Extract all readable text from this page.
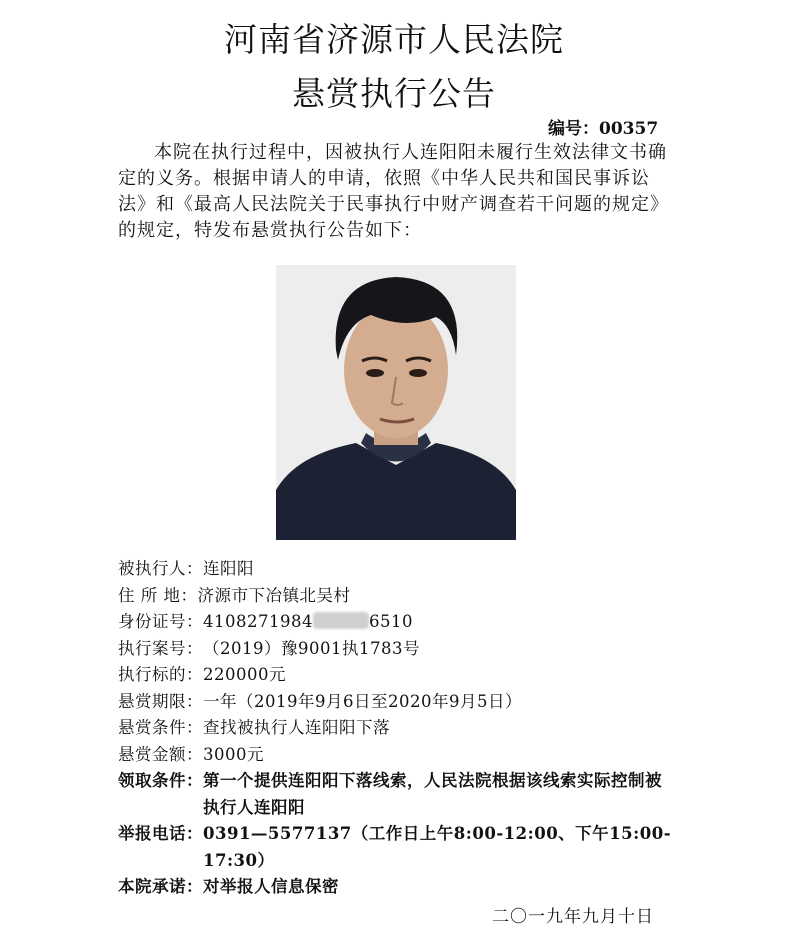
河南省济源市人民法院
悬赏执行公告
编号：00357
本院在执行过程中，因被执行人连阳阳未履行生效法律文书确定的义务。根据申请人的申请，依照《中华人民共和国民事诉讼法》和《最高人民法院关于民事执行中财产调查若干问题的规定》的规定，特发布悬赏执行公告如下：
被执行人： 连阳阳
住 所 地： 济源市下冶镇北吴村
身份证号： 4108271984	6510
执行案号： （2019）豫9001执1783号
执行标的： 220000元
悬赏期限： 一年（2019年9月6日至2020年9月5日）
悬赏条件： 查找被执行人连阳阳下落
悬赏金额： 3000元
领取条件： 第一个提供连阳阳下落线索，人民法院根据该线索实际控制被执行人连阳阳
举报电话： 0391—5577137（工作日上午8:00-12:00、下午15:00-17:30）
本院承诺： 对举报人信息保密
二〇一九年九月十日
